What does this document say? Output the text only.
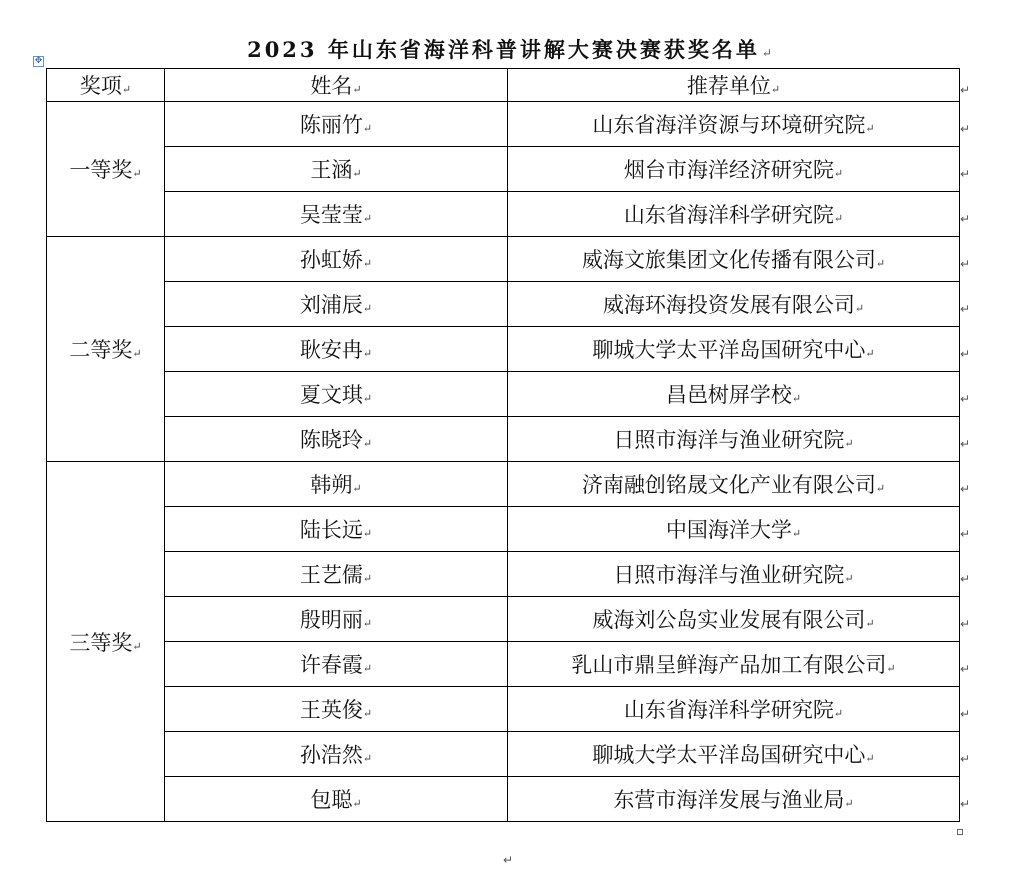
2023 年山东省海洋科普讲解大赛决赛获奖名单 ↵
✥
奖项↵	姓名↵	推荐单位↵
一等奖↵	陈丽竹↵	山东省海洋资源与环境研究院↵
	王涵↵	烟台市海洋经济研究院↵
	吴莹莹↵	山东省海洋科学研究院↵
二等奖↵	孙虹娇↵	威海文旅集团文化传播有限公司↵
	刘浦辰↵	威海环海投资发展有限公司↵
	耿安冉↵	聊城大学太平洋岛国研究中心↵
	夏文琪↵	昌邑树屏学校↵
	陈晓玲↵	日照市海洋与渔业研究院↵
三等奖↵	韩朔↵	济南融创铭晟文化产业有限公司↵
	陆长远↵	中国海洋大学↵
	王艺儒↵	日照市海洋与渔业研究院↵
	殷明丽↵	威海刘公岛实业发展有限公司↵
	许春霞↵	乳山市鼎呈鲜海产品加工有限公司↵
	王英俊↵	山东省海洋科学研究院↵
	孙浩然↵	聊城大学太平洋岛国研究中心↵
	包聪↵	东营市海洋发展与渔业局↵
↵
↵
↵
↵
↵
↵
↵
↵
↵
↵
↵
↵
↵
↵
↵
↵
↵
↵
